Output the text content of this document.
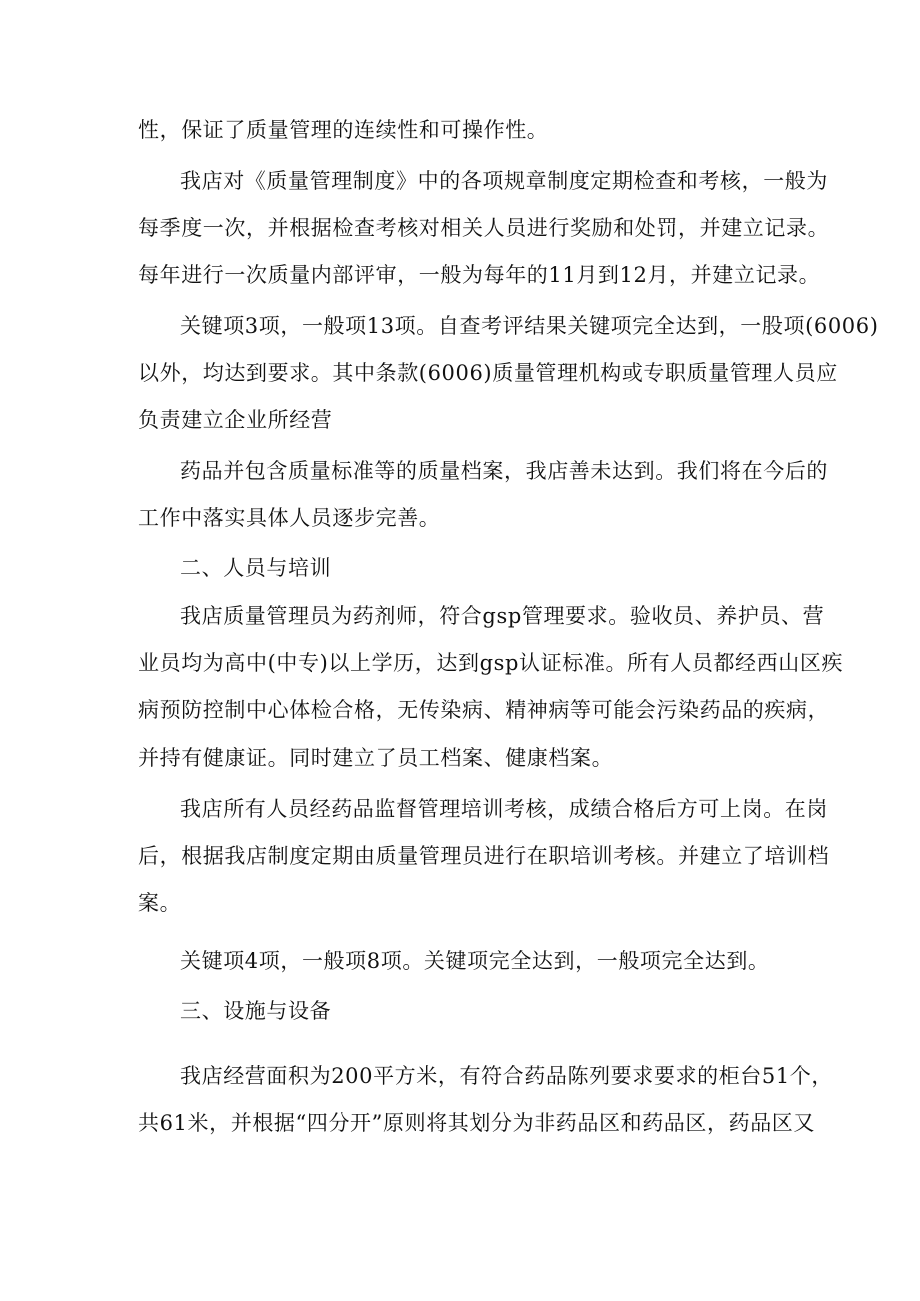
性，保证了质量管理的连续性和可操作性。
我店对《质量管理制度》中的各项规章制度定期检查和考核，一般为
每季度一次，并根据检查考核对相关人员进行奖励和处罚，并建立记录。
每年进行一次质量内部评审，一般为每年的11月到12月，并建立记录。
关键项3项，一般项13项。自查考评结果关键项完全达到，一股项(6006)
以外，均达到要求。其中条款(6006)质量管理机构或专职质量管理人员应
负责建立企业所经营
药品并包含质量标准等的质量档案，我店善未达到。我们将在今后的
工作中落实具体人员逐步完善。
二、人员与培训
我店质量管理员为药剂师，符合gsp管理要求。验收员、养护员、营
业员均为高中(中专)以上学历，达到gsp认证标准。所有人员都经西山区疾
病预防控制中心体检合格，无传染病、精神病等可能会污染药品的疾病，
并持有健康证。同时建立了员工档案、健康档案。
我店所有人员经药品监督管理培训考核，成绩合格后方可上岗。在岗
后，根据我店制度定期由质量管理员进行在职培训考核。并建立了培训档
案。
关键项4项，一般项8项。关键项完全达到，一般项完全达到。
三、设施与设备
我店经营面积为200平方米，有符合药品陈列要求要求的柜台51个，
共61米，并根据“四分开”原则将其划分为非药品区和药品区，药品区又
